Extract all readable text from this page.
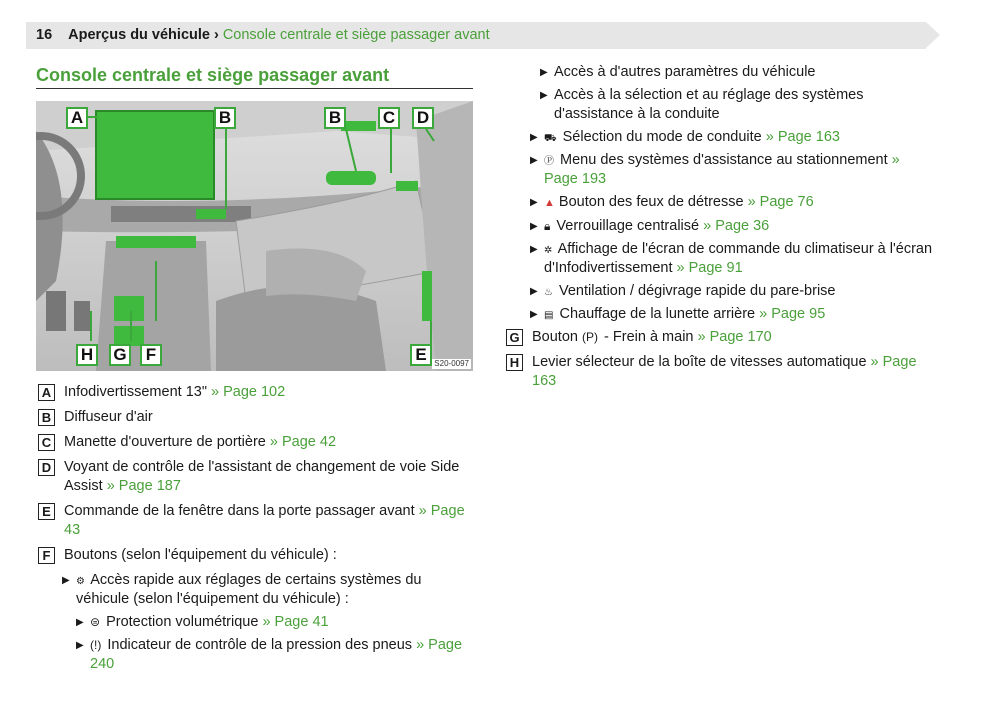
16 Aperçus du véhicule › Console centrale et siège passager avant
Console centrale et siège passager avant
A	B	B C D
E
H G	F	S20-0097
A Infodivertissement 13" » Page 102
B Diffuseur d'air
C Manette d'ouverture de portière » Page 42
D Voyant de contrôle de l'assistant de changement de voie Side Assist » Page 187
E Commande de la fenêtre dans la porte passager avant » Page 43
F Boutons (selon l'équipement du véhicule) :
▶ ⚙ Accès rapide aux réglages de certains systèmes du véhicule (selon l'équipement du véhicule) :
▶ ⊜ Protection volumétrique » Page 41
▶ (!) Indicateur de contrôle de la pression des pneus » Page 240
▶ Accès à d'autres paramètres du véhicule
▶ Accès à la sélection et au réglage des systèmes d'assistance à la conduite
▶ ⛟ Sélection du mode de conduite » Page 163
▶ Ⓟ Menu des systèmes d'assistance au stationnement » Page 193
▶ ▲ Bouton des feux de détresse » Page 76
▶ 🔒︎ Verrouillage centralisé » Page 36
▶ ✲ Affichage de l'écran de commande du climatiseur à l'écran d'Infodivertissement » Page 91
▶ ♨ Ventilation / dégivrage rapide du pare-brise
▶ ▤ Chauffage de la lunette arrière » Page 95
G Bouton (P) - Frein à main » Page 170
H Levier sélecteur de la boîte de vitesses automatique » Page 163
